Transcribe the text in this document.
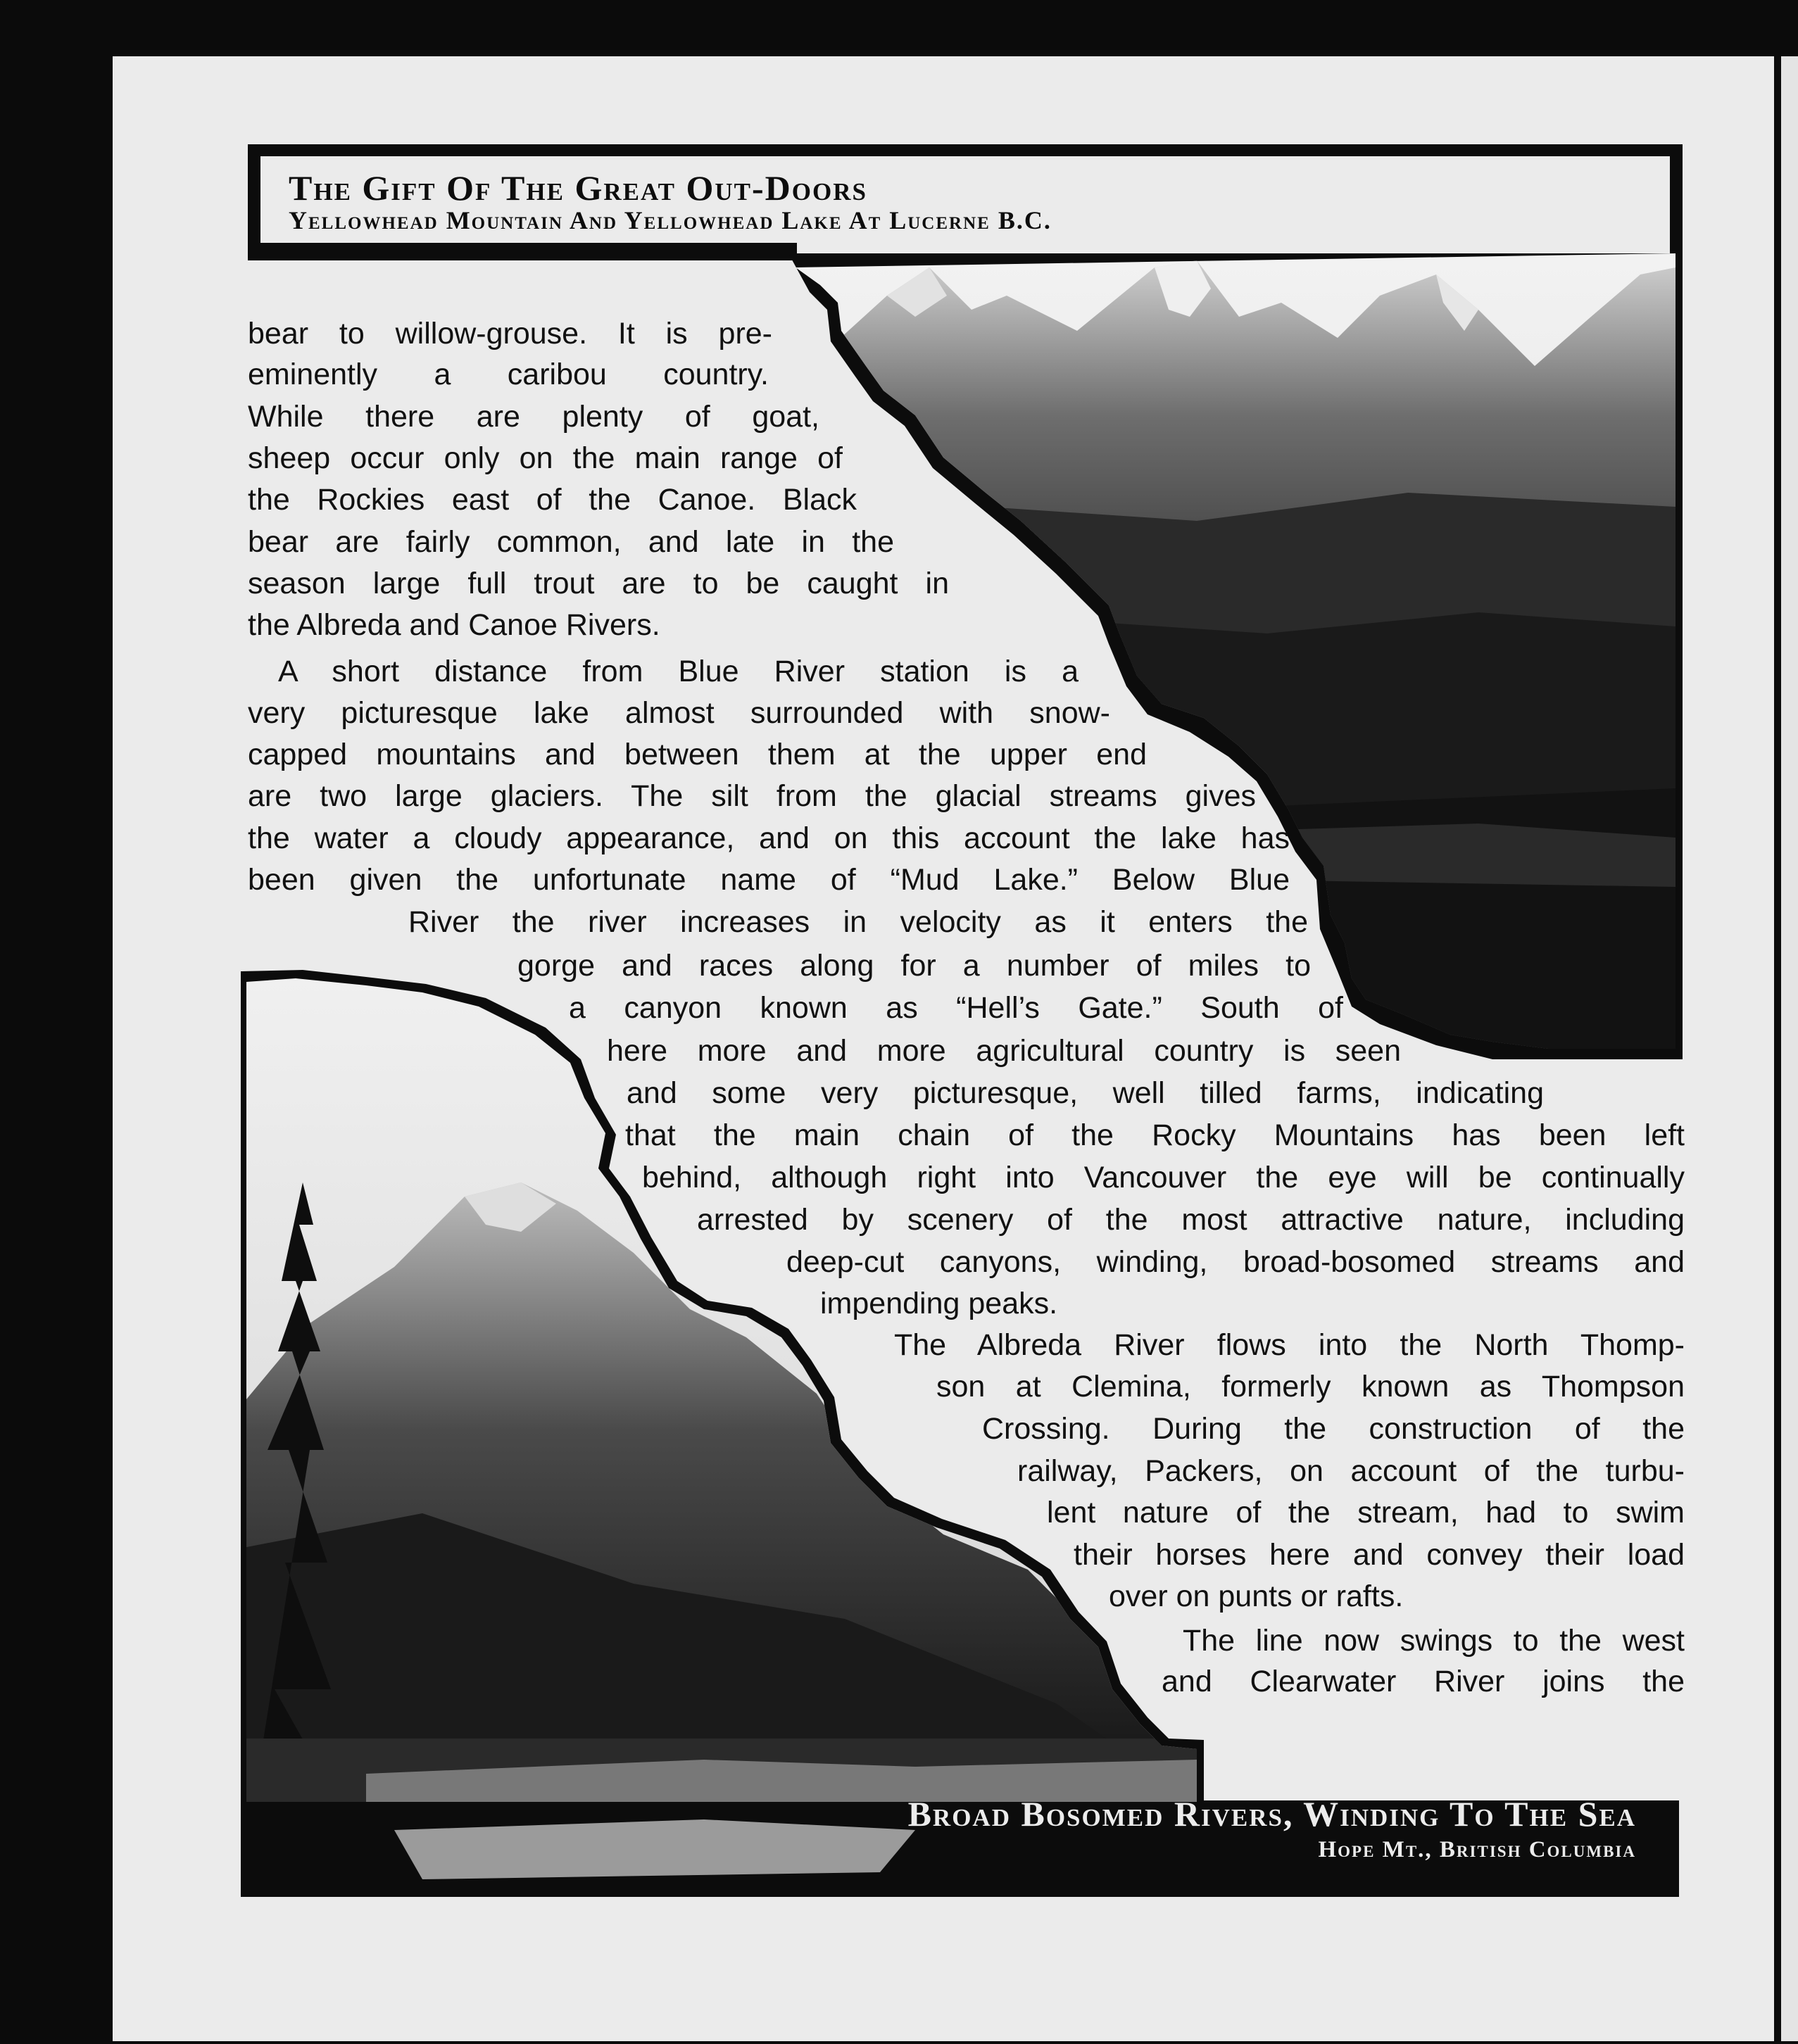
The Gift Of The Great Out-Doors
Yellowhead Mountain And Yellowhead Lake At Lucerne B.C.
Broad Bosomed Rivers, Winding To The Sea
Hope Mt., British Columbia
bear to willow-grouse. It is pre-
eminently a caribou country.
While there are plenty of goat,
sheep occur only on the main range of
the Rockies east of the Canoe. Black
bear are fairly common, and late in the
season large full trout are to be caught in
the Albreda and Canoe Rivers.
A short distance from Blue River station is a
very picturesque lake almost surrounded with snow-
capped mountains and between them at the upper end
are two large glaciers. The silt from the glacial streams gives
the water a cloudy appearance, and on this account the lake has
been given the unfortunate name of “Mud Lake.” Below Blue
River the river increases in velocity as it enters the
gorge and races along for a number of miles to
a canyon known as “Hell’s Gate.” South of
here more and more agricultural country is seen
and some very picturesque, well tilled farms, indicating
that the main chain of the Rocky Mountains has been left
behind, although right into Vancouver the eye will be continually
arrested by scenery of the most attractive nature, including
deep-cut canyons, winding, broad-bosomed streams and
impending peaks.
The Albreda River flows into the North Thomp-
son at Clemina, formerly known as Thompson
Crossing. During the construction of the
railway, Packers, on account of the turbu-
lent nature of the stream, had to swim
their horses here and convey their load
over on punts or rafts.
The line now swings to the west
and Clearwater River joins the
